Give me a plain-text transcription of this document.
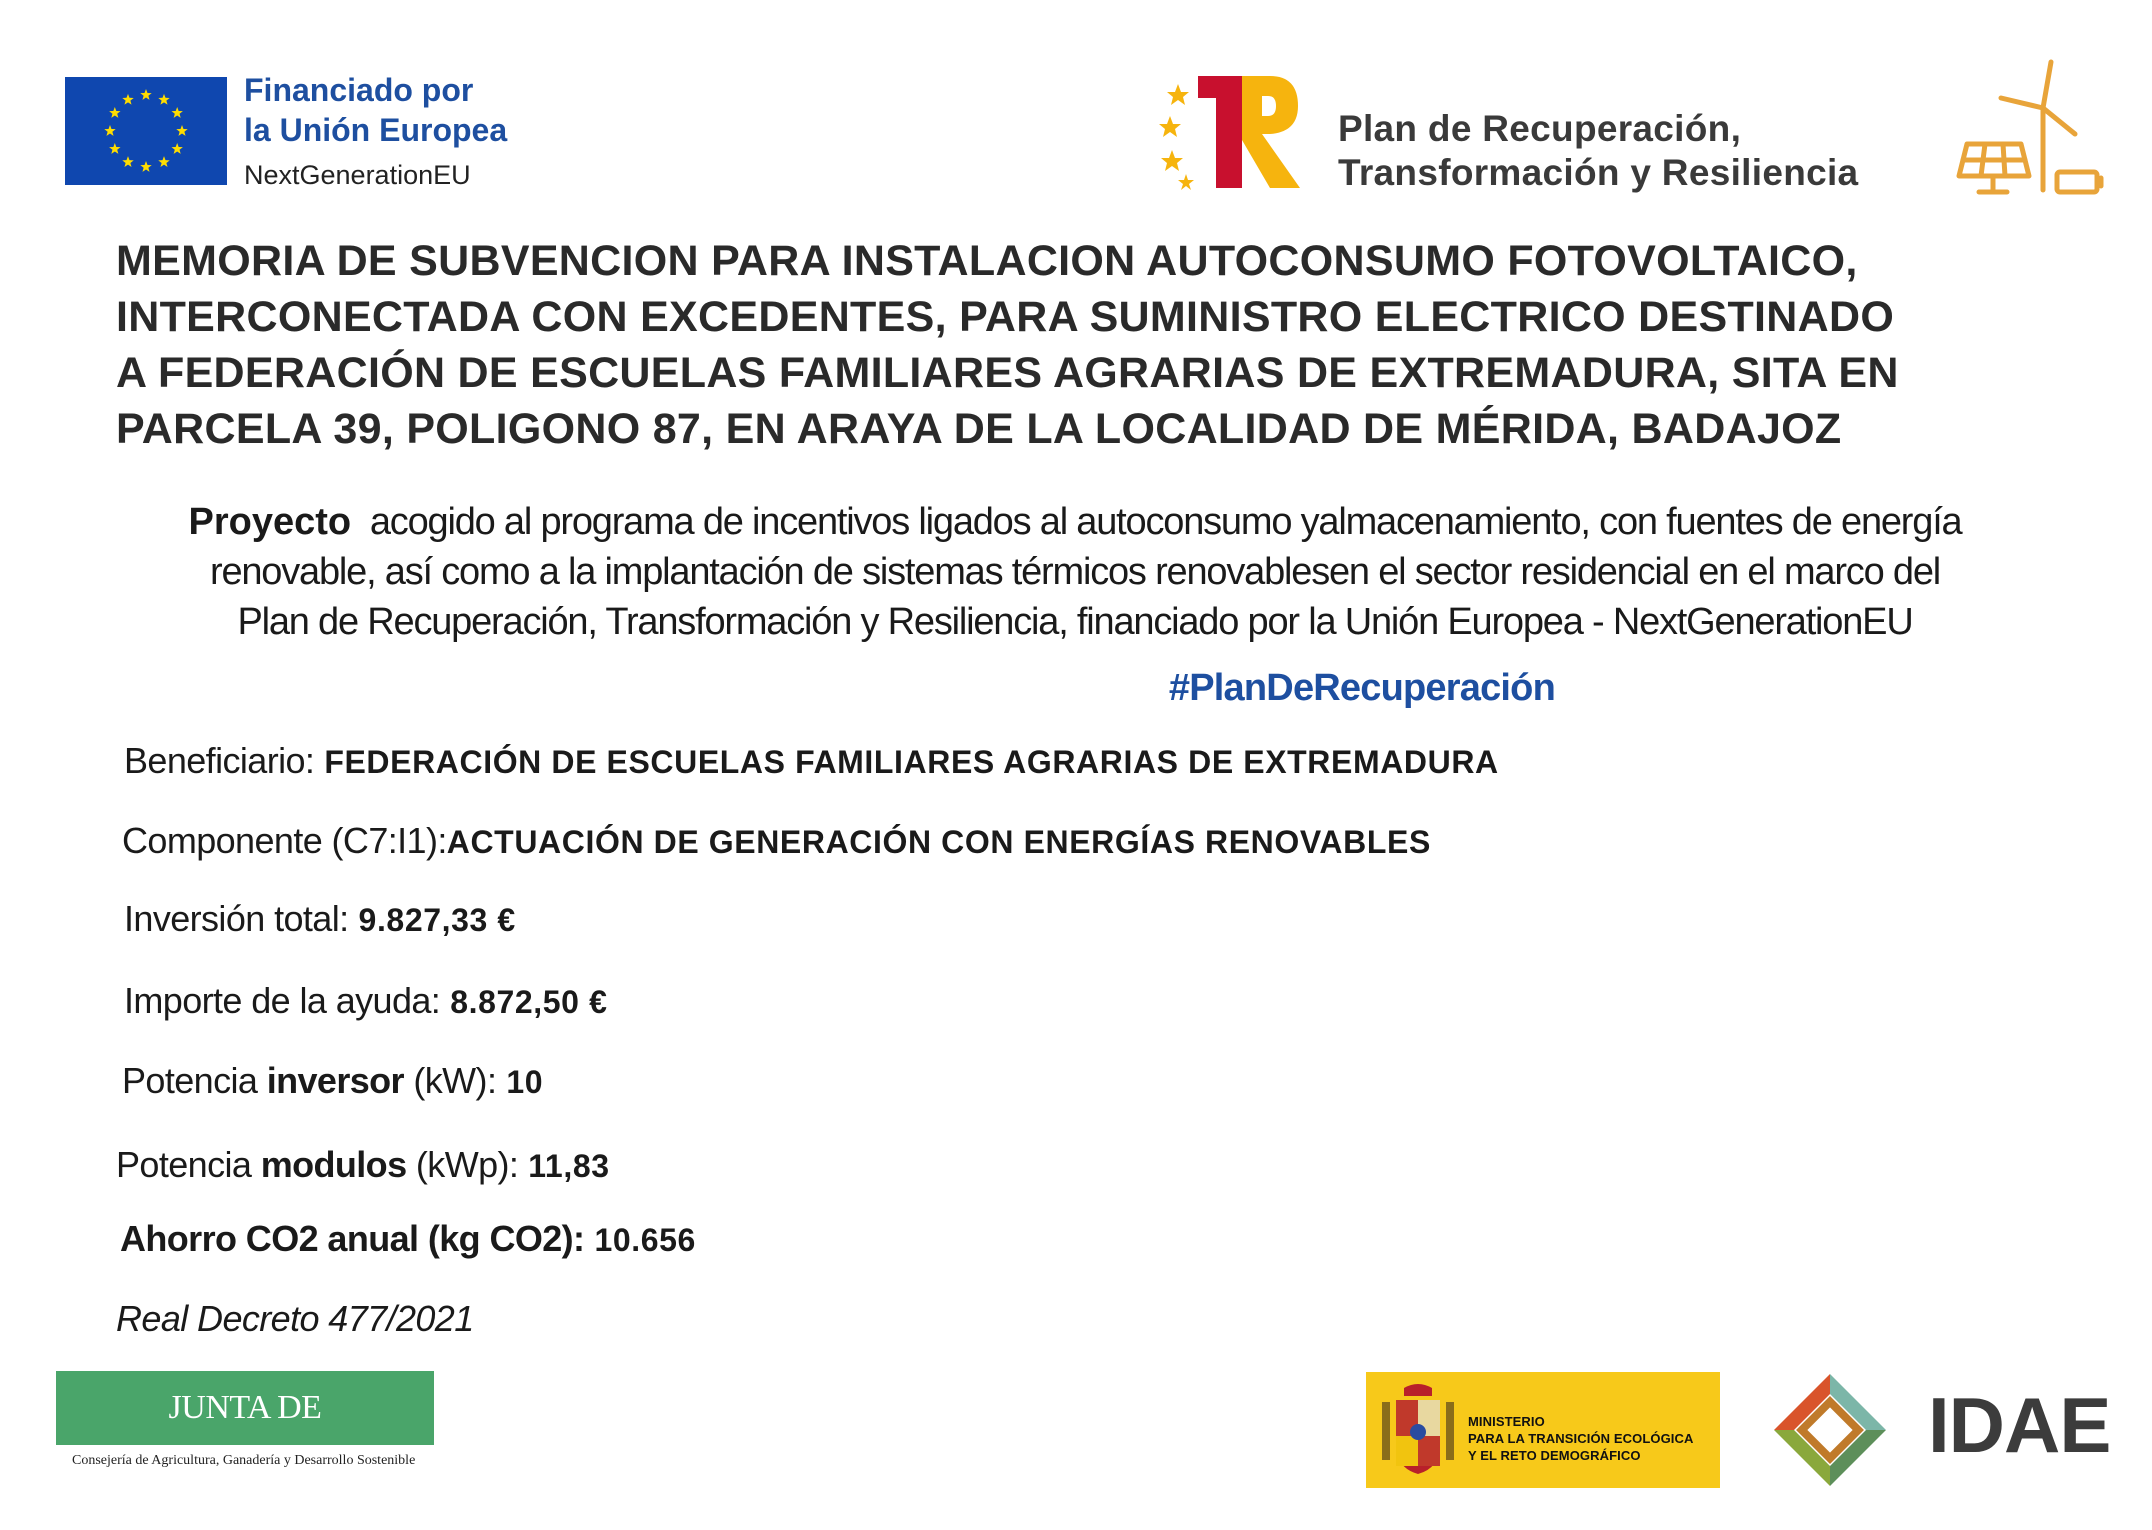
Financiado por
la Unión Europea
NextGenerationEU
Plan de Recuperación,
Transformación y Resiliencia
MEMORIA DE SUBVENCION PARA INSTALACION AUTOCONSUMO FOTOVOLTAICO,
INTERCONECTADA CON EXCEDENTES, PARA SUMINISTRO ELECTRICO DESTINADO
A FEDERACIÓN DE ESCUELAS FAMILIARES AGRARIAS DE EXTREMADURA, SITA EN
PARCELA 39, POLIGONO 87, EN ARAYA DE LA LOCALIDAD DE MÉRIDA, BADAJOZ
Proyecto acogido al programa de incentivos ligados al autoconsumo yalmacenamiento, con fuentes de energía
renovable, así como a la implantación de sistemas térmicos renovablesen el sector residencial en el marco del
Plan de Recuperación, Transformación y Resiliencia, financiado por la Unión Europea - NextGenerationEU
#PlanDeRecuperación
Beneficiario: FEDERACIÓN DE ESCUELAS FAMILIARES AGRARIAS DE EXTREMADURA
Componente (C7:I1):ACTUACIÓN DE GENERACIÓN CON ENERGÍAS RENOVABLES
Inversión total: 9.827,33 €
Importe de la ayuda: 8.872,50 €
Potencia inversor (kW): 10
Potencia modulos (kWp): 11,83
Ahorro CO2 anual (kg CO2): 10.656
Real Decreto 477/2021
JUNTA DE EXTREMADURA
Consejería de Agricultura, Ganadería y Desarrollo Sostenible
MINISTERIO
PARA LA TRANSICIÓN ECOLÓGICA
Y EL RETO DEMOGRÁFICO	IDAE
